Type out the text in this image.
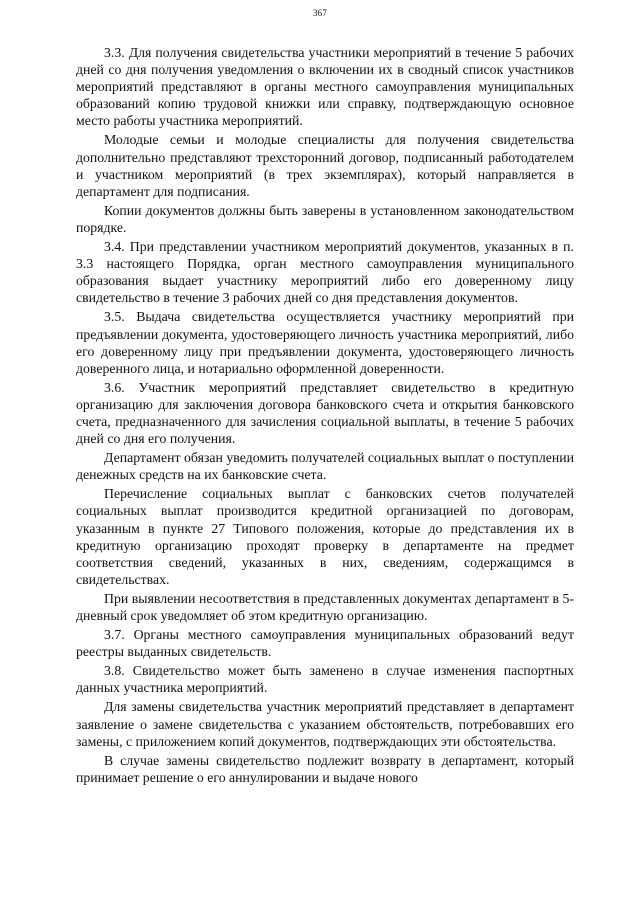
367

3.3. Для получения свидетельства участники мероприятий в течение 5 рабочих дней со дня получения уведомления о включении их в сводный список участников мероприятий представляют в органы местного самоуправления муниципальных образований копию трудовой книжки или справку, подтверждающую основное место работы участника мероприятий.

Молодые семьи и молодые специалисты для получения свидетельства дополнительно представляют трехсторонний договор, подписанный работодателем и участником мероприятий (в трех экземплярах), который направляется в департамент для подписания.

Копии документов должны быть заверены в установленном законодательством порядке.

3.4. При представлении участником мероприятий документов, указанных в п. 3.3 настоящего Порядка, орган местного самоуправления муниципального образования выдает участнику мероприятий либо его доверенному лицу свидетельство в течение 3 рабочих дней со дня представления документов.

3.5. Выдача свидетельства осуществляется участнику мероприятий при предъявлении документа, удостоверяющего личность участника мероприятий, либо его доверенному лицу при предъявлении документа, удостоверяющего личность доверенного лица, и нотариально оформленной доверенности.

3.6. Участник мероприятий представляет свидетельство в кредитную организацию для заключения договора банковского счета и открытия банковского счета, предназначенного для зачисления социальной выплаты, в течение 5 рабочих дней со дня его получения.

Департамент обязан уведомить получателей социальных выплат о поступлении денежных средств на их банковские счета.

Перечисление социальных выплат с банковских счетов получателей социальных выплат производится кредитной организацией по договорам, указанным в пункте 27 Типового положения, которые до представления их в кредитную организацию проходят проверку в департаменте на предмет соответствия сведений, указанных в них, сведениям, содержащимся в свидетельствах.

При выявлении несоответствия в представленных документах департамент в 5-дневный срок уведомляет об этом кредитную организацию.

3.7. Органы местного самоуправления муниципальных образований ведут реестры выданных свидетельств.

3.8. Свидетельство может быть заменено в случае изменения паспортных данных участника мероприятий.

Для замены свидетельства участник мероприятий представляет в департамент заявление о замене свидетельства с указанием обстоятельств, потребовавших его замены, с приложением копий документов, подтверждающих эти обстоятельства.

В случае замены свидетельство подлежит возврату в департамент, который принимает решение о его аннулировании и выдаче нового
